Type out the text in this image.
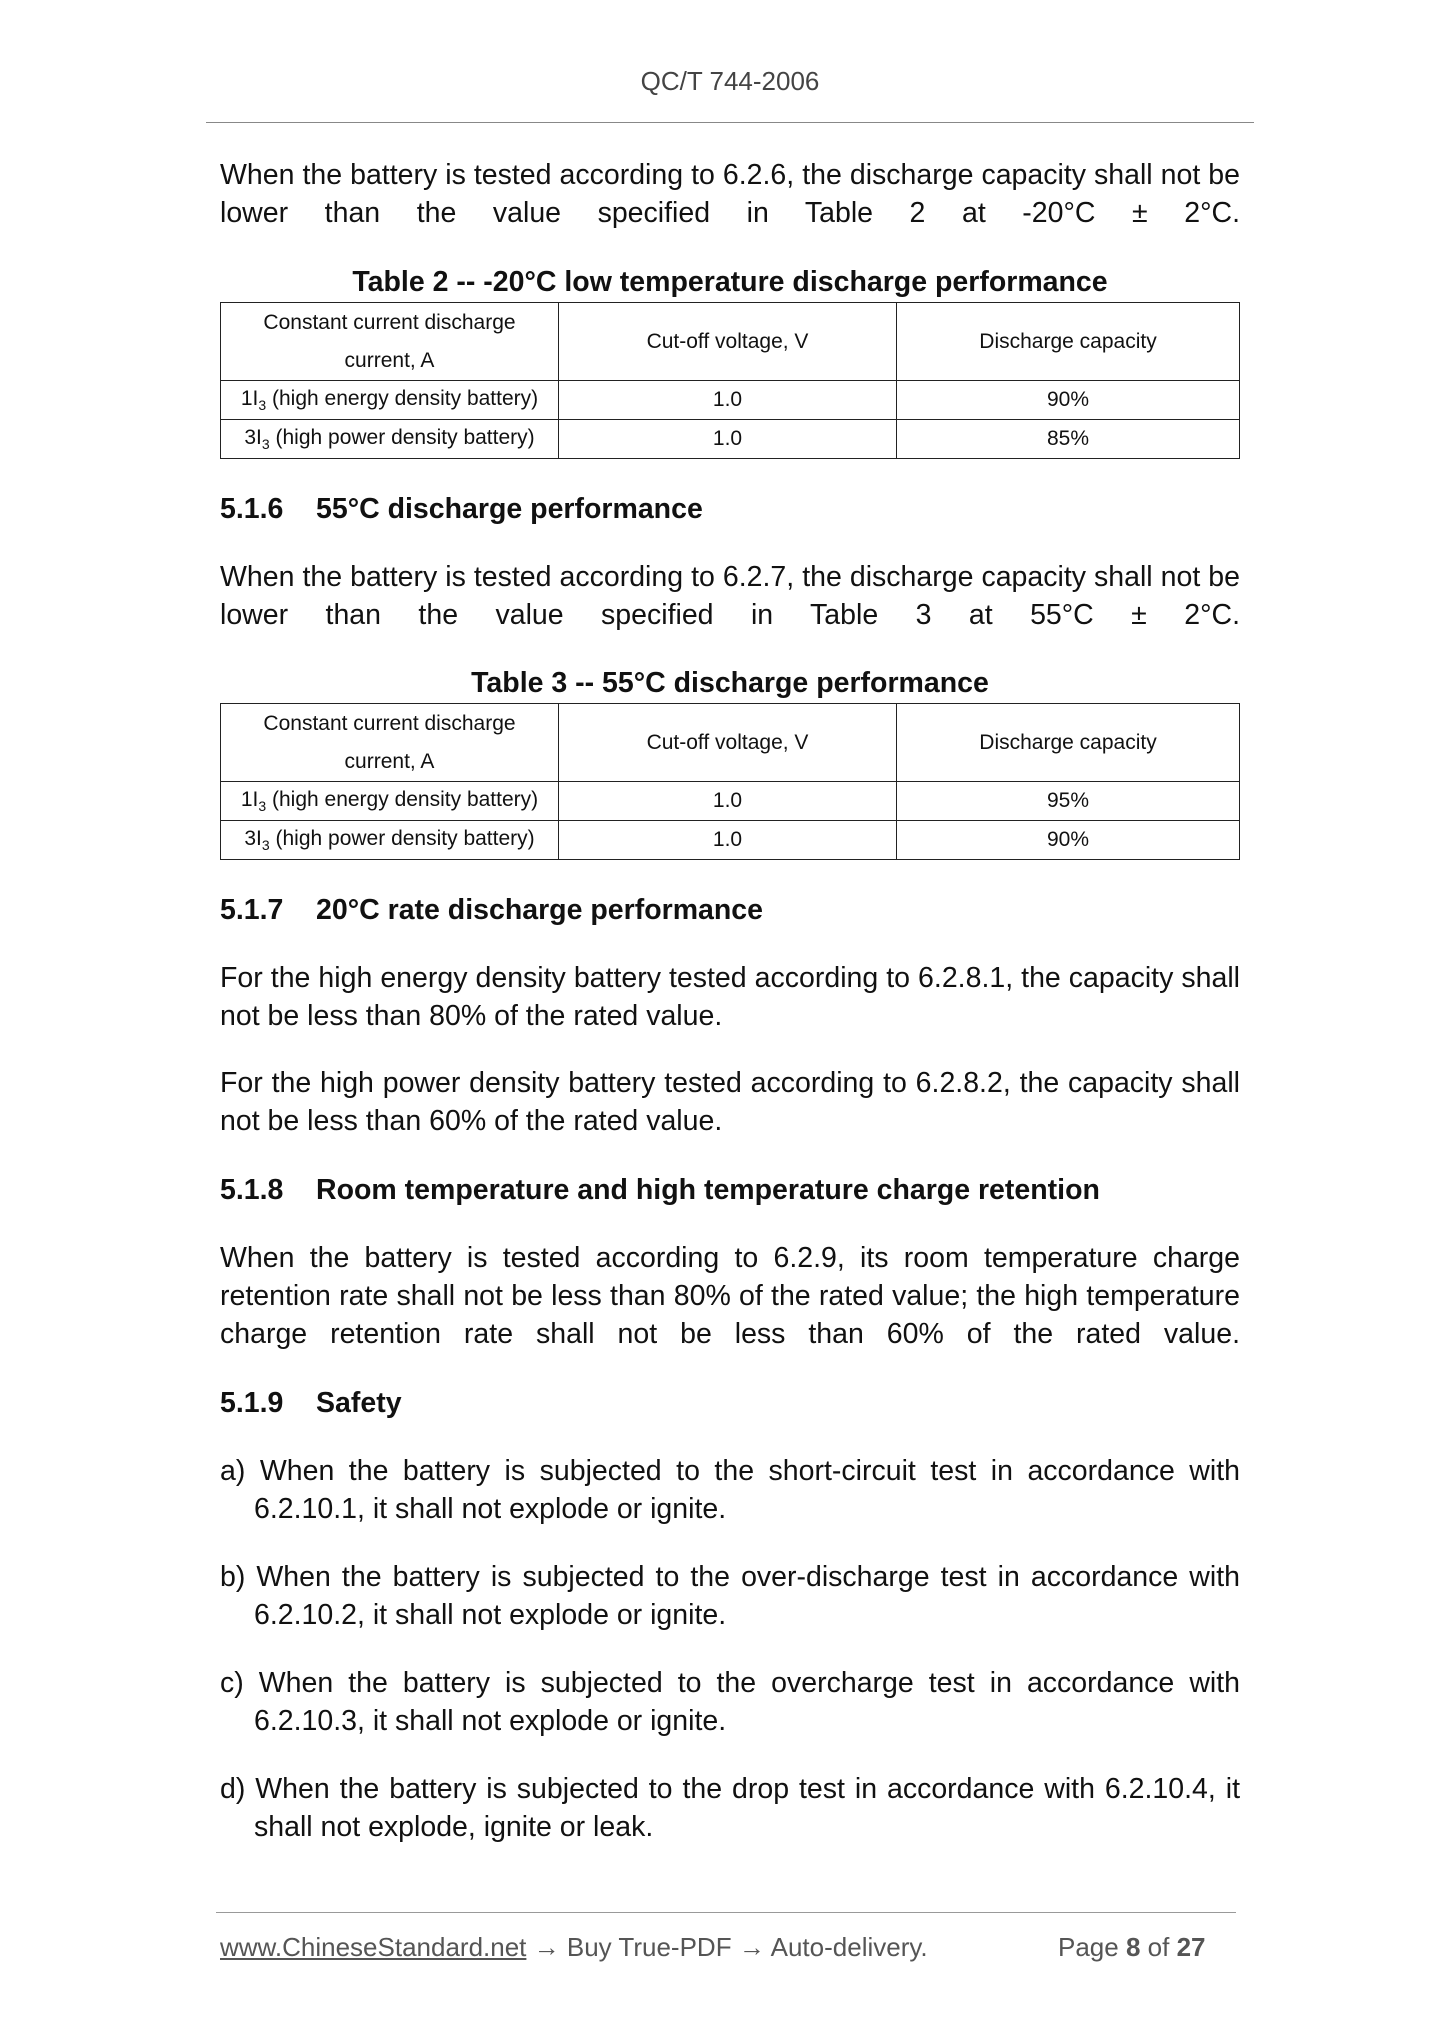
QC/T 744-2006
When the battery is tested according to 6.2.6, the discharge capacity shall not be lower than the value specified in Table 2 at -20°C ± 2°C.
Table 2 -- -20°C low temperature discharge performance
Constant current discharge
current, A	Cut-off voltage, V	Discharge capacity
$1I_3$ (high energy density battery)	1.0	90%
$3I_3$ (high power density battery)	1.0	85%
5.1.6 55°C discharge performance
When the battery is tested according to 6.2.7, the discharge capacity shall not be lower than the value specified in Table 3 at 55°C ± 2°C.
Table 3 -- 55°C discharge performance
Constant current discharge
current, A	Cut-off voltage, V	Discharge capacity
$1I_3$ (high energy density battery)	1.0	95%
$3I_3$ (high power density battery)	1.0	90%
5.1.7 20°C rate discharge performance
For the high energy density battery tested according to 6.2.8.1, the capacity shall not be less than 80% of the rated value.
For the high power density battery tested according to 6.2.8.2, the capacity shall not be less than 60% of the rated value.
5.1.8 Room temperature and high temperature charge retention
When the battery is tested according to 6.2.9, its room temperature charge retention rate shall not be less than 80% of the rated value; the high temperature charge retention rate shall not be less than 60% of the rated value.
5.1.9 Safety
a) When the battery is subjected to the short-circuit test in accordance with
6.2.10.1, it shall not explode or ignite.
b) When the battery is subjected to the over-discharge test in accordance with
6.2.10.2, it shall not explode or ignite.
c) When the battery is subjected to the overcharge test in accordance with
6.2.10.3, it shall not explode or ignite.
d) When the battery is subjected to the drop test in accordance with 6.2.10.4, it
shall not explode, ignite or leak.
www.ChineseStandard.net → Buy True-PDF → Auto-delivery.	Page 8 of 27
